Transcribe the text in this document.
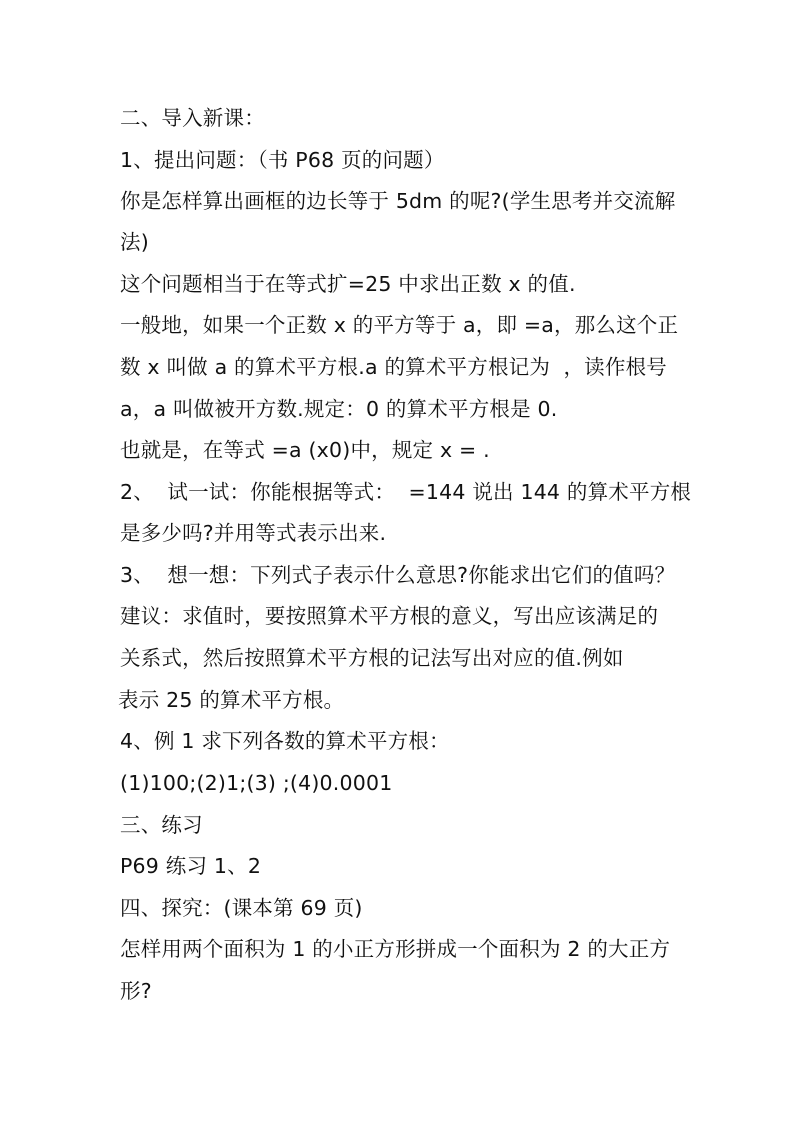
二、导入新课：
1、提出问题：（书 P68 页的问题）
你是怎样算出画框的边长等于 5dm 的呢?(学生思考并交流解
法)
这个问题相当于在等式扩=25 中求出正数 x 的值.
一般地，如果一个正数 x 的平方等于 a，即 =a，那么这个正
数 x 叫做 a 的算术平方根.a 的算术平方根记为  ，读作根号
a，a 叫做被开方数.规定：0 的算术平方根是 0.
也就是，在等式 =a (x0)中，规定 x = .
2、  试一试：你能根据等式：  =144 说出 144 的算术平方根
是多少吗?并用等式表示出来.
3、  想一想：下列式子表示什么意思?你能求出它们的值吗？
建议：求值时，要按照算术平方根的意义，写出应该满足的
关系式，然后按照算术平方根的记法写出对应的值.例如
表示 25 的算术平方根。
4、例 1 求下列各数的算术平方根：
(1)100;(2)1;(3) ;(4)0.0001
三、练习
P69 练习 1、2
四、探究：(课本第 69 页)
怎样用两个面积为 1 的小正方形拼成一个面积为 2 的大正方
形?
